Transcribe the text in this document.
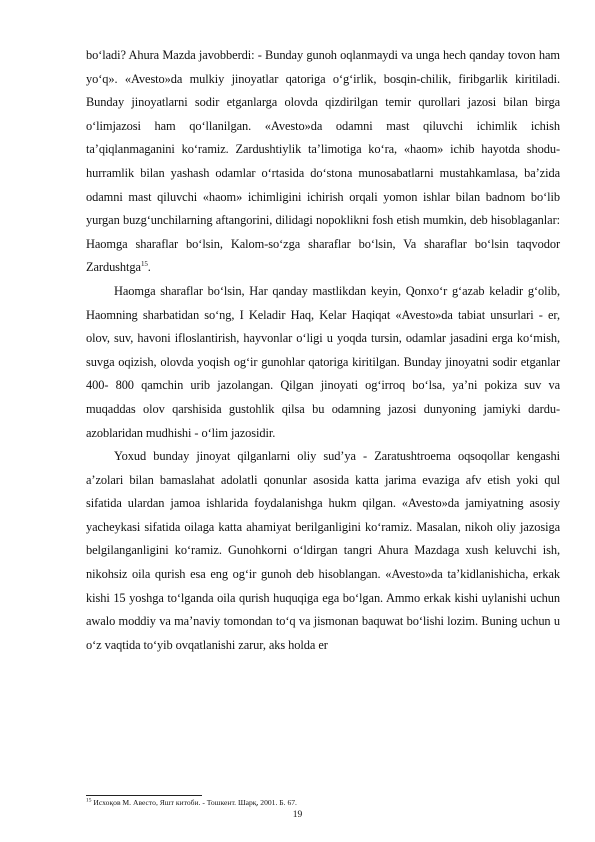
boʻladi? Ahura Mazda javobberdi: - Bunday gunoh oqlanmaydi va unga hech qanday tovon ham yoʻq». «Avesto»da mulkiy jinoyatlar qatoriga oʻgʻirlik, bosqin-chilik, firibgarlik kiritiladi. Bunday jinoyatlarni sodir etganlarga olovda qizdirilgan temir qurollari jazosi bilan birga oʻlimjazosi ham qoʻllanilgan. «Avesto»da odamni mast qiluvchi ichimlik ichish ta’qiqlanmaganini koʻramiz. Zardushtiylik ta’limotiga koʻra, «haom» ichib hayotda shodu-hurramlik bilan yashash odamlar oʻrtasida doʻstona munosabatlarni mustahkamlasa, ba’zida odamni mast qiluvchi «haom» ichimligini ichirish orqali yomon ishlar bilan badnom boʻlib yurgan buzgʻunchilarning aftangorini, dilidagi nopoklikni fosh etish mumkin, deb hisoblaganlar: Haomga sharaflar boʻlsin, Kalom-soʻzga sharaflar boʻlsin, Va sharaflar boʻlsin taqvodor Zardushtga$^{15}$.

Haomga sharaflar boʻlsin, Har qanday mastlikdan keyin, Qonxoʻr gʻazab keladir gʻolib, Haomning sharbatidan soʻng, I Keladir Haq, Kelar Haqiqat «Avesto»da tabiat unsurlari - er, olov, suv, havoni ifloslantirish, hayvonlar oʻligi u yoqda tursin, odamlar jasadini erga koʻmish, suvga oqizish, olovda yoqish ogʻir gunohlar qatoriga kiritilgan. Bunday jinoyatni sodir etganlar 400- 800 qamchin urib jazolangan. Qilgan jinoyati ogʻirroq boʻlsa, ya’ni pokiza suv va muqaddas olov qarshisida gustohlik qilsa bu odamning jazosi dunyoning jamiyki dardu-azoblaridan mudhishi - oʻlim jazosidir.

Yoxud bunday jinoyat qilganlarni oliy sud’ya - Zaratushtroema oqsoqollar kengashi a’zolari bilan bamaslahat adolatli qonunlar asosida katta jarima evaziga afv etish yoki qul sifatida ulardan jamoa ishlarida foydalanishga hukm qilgan. «Avesto»da jamiyatning asosiy yacheykasi sifatida oilaga katta ahamiyat berilganligini koʻramiz. Masalan, nikoh oliy jazosiga belgilanganligini koʻramiz. Gunohkorni oʻldirgan tangri Ahura Mazdaga xush keluvchi ish, nikohsiz oila qurish esa eng ogʻir gunoh deb hisoblangan. «Avesto»da ta’kidlanishicha, erkak kishi 15 yoshga toʻlganda oila qurish huquqiga ega boʻlgan. Ammo erkak kishi uylanishi uchun awalo moddiy va ma’naviy tomondan toʻq va jismonan baquwat boʻlishi lozim. Buning uchun u oʻz vaqtida toʻyib ovqatlanishi zarur, aks holda er

$^{15}$ Исхоқов М. Авесто, Яшт китоби. - Тошкент. Шарқ, 2001. Б. 67.
19
